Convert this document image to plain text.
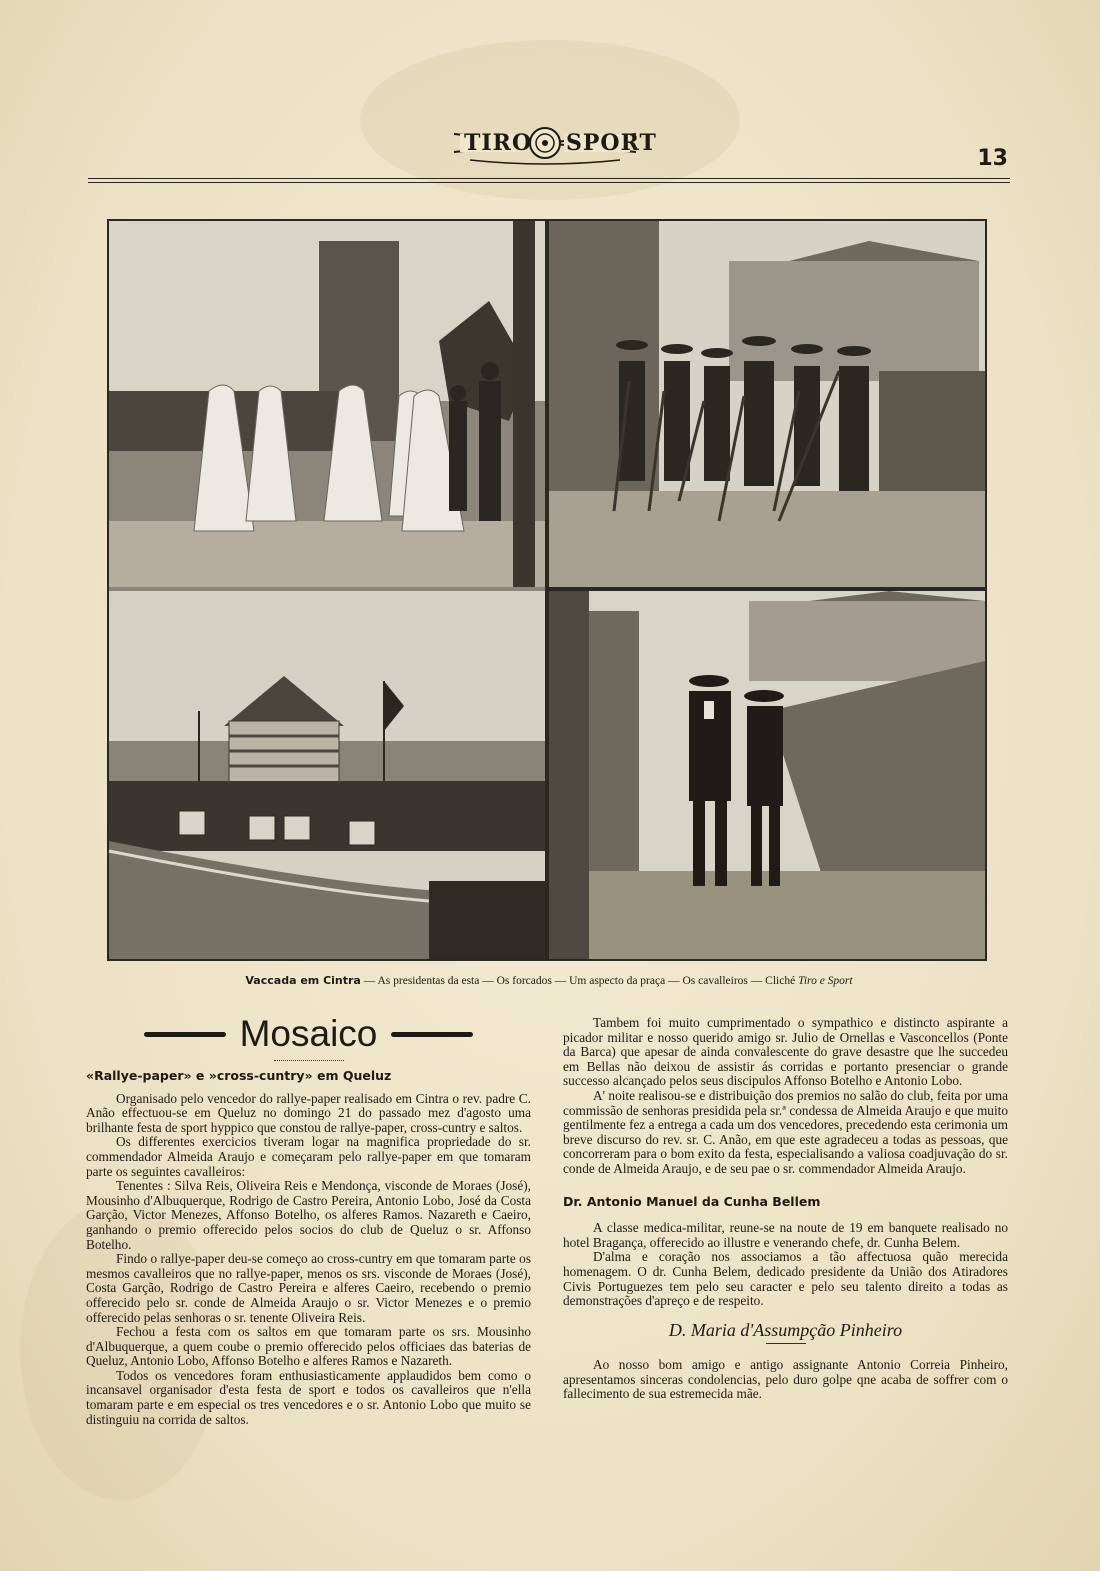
TIRO SPORT
13
Vaccada em Cintra — As presidentas da esta — Os forcados — Um aspecto da praça — Os cavalleiros — Cliché Tiro e Sport
Mosaico
«Rallye-paper» e »cross-cuntry» em Queluz

Organisado pelo vencedor do rallye-paper realisado em Cintra o rev. padre C. Anão effectuou-se em Queluz no domingo 21 do passado mez d'agosto uma brilhante festa de sport hyppico que constou de rallye-paper, cross-cuntry e saltos.

Os differentes exercicios tiveram logar na magnifica propriedade do sr. commendador Almeida Araujo e começaram pelo rallye-paper em que tomaram parte os seguintes cavalleiros:

Tenentes : Silva Reis, Oliveira Reis e Mendonça, visconde de Moraes (José), Mousinho d'Albuquerque, Rodrigo de Castro Pereira, Antonio Lobo, José da Costa Garção, Victor Menezes, Affonso Botelho, os alferes Ramos. Nazareth e Caeiro, ganhando o premio offerecido pelos socios do club de Queluz o sr. Affonso Botelho.

Findo o rallye-paper deu-se começo ao cross-cuntry em que tomaram parte os mesmos cavalleiros que no rallye-paper, menos os srs. visconde de Moraes (José), Costa Garção, Rodrigo de Castro Pereira e alferes Caeiro, recebendo o premio offerecido pelo sr. conde de Almeida Araujo o sr. Victor Menezes e o premio offerecido pelas senhoras o sr. tenente Oliveira Reis.

Fechou a festa com os saltos em que tomaram parte os srs. Mousinho d'Albuquerque, a quem coube o premio offerecido pelos officiaes das baterias de Queluz, Antonio Lobo, Affonso Botelho e alferes Ramos e Nazareth.

Todos os vencedores foram enthusiasticamente applaudidos bem como o incansavel organisador d'esta festa de sport e todos os cavalleiros que n'ella tomaram parte e em especial os tres vencedores e o sr. Antonio Lobo que muito se distinguiu na corrida de saltos.

Tambem foi muito cumprimentado o sympathico e distincto aspirante a picador militar e nosso querido amigo sr. Julio de Ornellas e Vasconcellos (Ponte da Barca) que apesar de ainda convalescente do grave desastre que lhe succedeu em Bellas não deixou de assistir ás corridas e portanto presenciar o grande successo alcançado pelos seus discipulos Affonso Botelho e Antonio Lobo.

A' noite realisou-se e distribuição dos premios no salão do club, feita por uma commissão de senhoras presidida pela sr.ª condessa de Almeida Araujo e que muito gentilmente fez a entrega a cada um dos vencedores, precedendo esta cerimonia um breve discurso do rev. sr. C. Anão, em que este agradeceu a todas as pessoas, que concorreram para o bom exito da festa, especialisando a valiosa coadjuvação do sr. conde de Almeida Araujo, e de seu pae o sr. commendador Almeida Araujo.

Dr. Antonio Manuel da Cunha Bellem

A classe medica-militar, reune-se na noute de 19 em banquete realisado no hotel Bragança, offerecido ao illustre e venerando chefe, dr. Cunha Belem.

D'alma e coração nos associamos a tão affectuosa quão merecida homenagem. O dr. Cunha Belem, dedicado presidente da União dos Atiradores Civis Portuguezes tem pelo seu caracter e pelo seu talento direito a todas as demonstrações d'apreço e de respeito.

D. Maria d'Assumpção Pinheiro

Ao nosso bom amigo e antigo assignante Antonio Correia Pinheiro, apresentamos sinceras condolencias, pelo duro golpe qne acaba de soffrer com o fallecimento de sua estremecida mãe.
